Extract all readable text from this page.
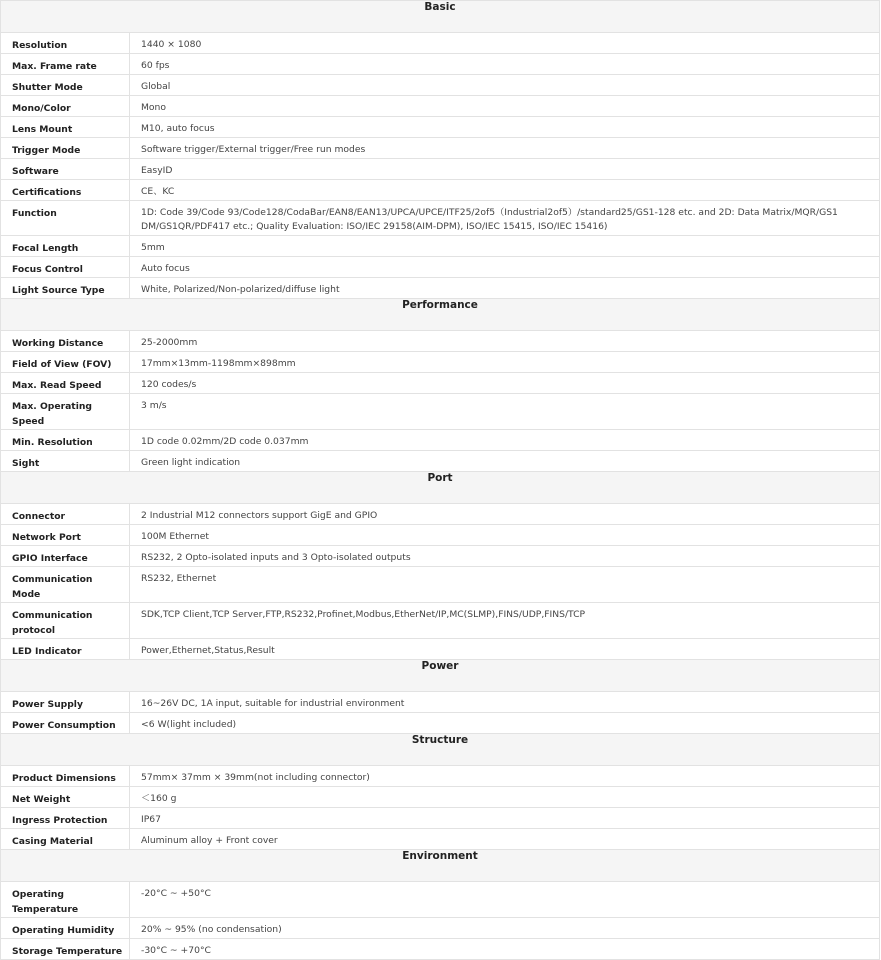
Basic	
Resolution	1440 × 1080
Max. Frame rate	60 fps
Shutter Mode	Global
Mono/Color	Mono
Lens Mount	M10, auto focus
Trigger Mode	Software trigger/External trigger/Free run modes
Software	EasyID
Certifications	CE、KC
Function	1D: Code 39/Code 93/Code128/CodaBar/EAN8/EAN13/UPCA/UPCE/ITF25/2of5（Industrial2of5）/standard25/GS1-128 etc. and 2D: Data Matrix/MQR/GS1 DM/GS1QR/PDF417 etc.; Quality Evaluation: ISO/IEC 29158(AIM-DPM), ISO/IEC 15415, ISO/IEC 15416)
Focal Length	5mm
Focus Control	Auto focus
Light Source Type	White, Polarized/Non-polarized/diffuse light
Performance	
Working Distance	25-2000mm
Field of View (FOV)	17mm×13mm-1198mm×898mm
Max. Read Speed	120 codes/s
Max. Operating Speed	3 m/s
Min. Resolution	1D code 0.02mm/2D code 0.037mm
Sight	Green light indication
Port	
Connector	2 Industrial M12 connectors support GigE and GPIO
Network Port	100M Ethernet
GPIO Interface	RS232, 2 Opto-isolated inputs and 3 Opto-isolated outputs
Communication Mode	RS232, Ethernet
Communication protocol	SDK,TCP Client,TCP Server,FTP,RS232,Profinet,Modbus,EtherNet/IP,MC(SLMP),FINS/UDP,FINS/TCP
LED Indicator	Power,Ethernet,Status,Result
Power	
Power Supply	16~26V DC, 1A input, suitable for industrial environment
Power Consumption	<6 W(light included)
Structure	
Product Dimensions	57mm× 37mm × 39mm(not including connector)
Net Weight	＜160 g
Ingress Protection	IP67
Casing Material	Aluminum alloy + Front cover
Environment	
Operating Temperature	-20°C ~ +50°C
Operating Humidity	20% ~ 95% (no condensation)
Storage Temperature	-30°C ~ +70°C
